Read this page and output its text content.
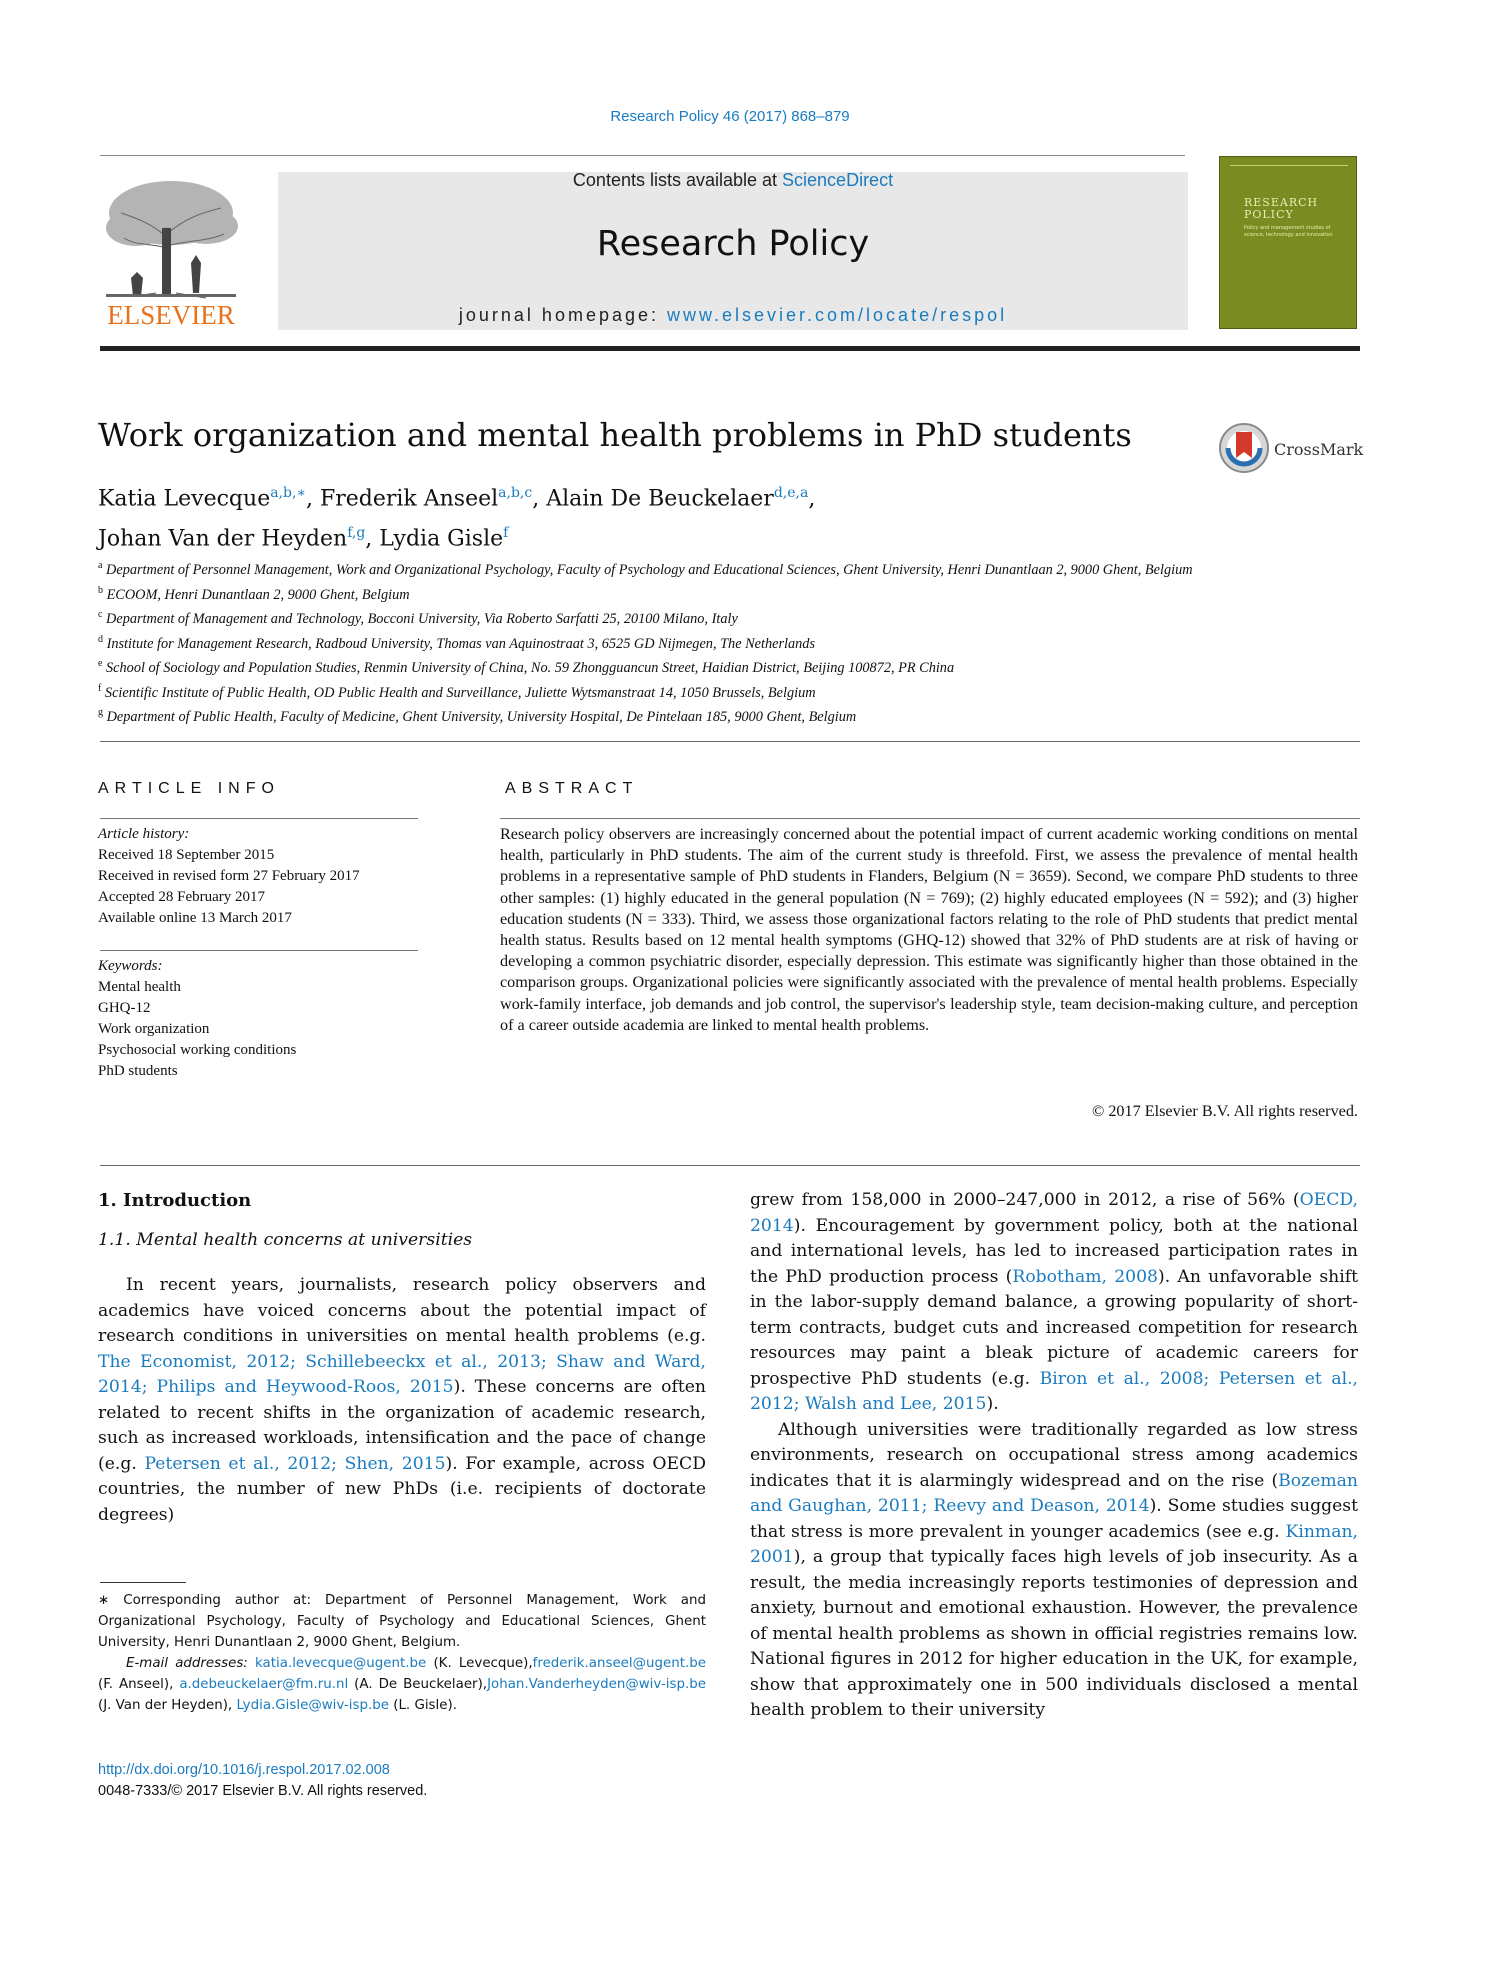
Research Policy 46 (2017) 868–879
ELSEVIER
Contents lists available at ScienceDirect
Research Policy
journal homepage: www.elsevier.com/locate/respol
RESEARCH
POLICY
Policy and management studies of science, technology and innovation
Work organization and mental health problems in PhD students	CrossMark
Katia Levecque$^{a,b,∗}$, Frederik Anseel$^{a,b,c}$, Alain De Beuckelaer$^{d,e,a}$,
Johan Van der Heyden$^{f,g}$, Lydia Gisle$^f$
$^a$ Department of Personnel Management, Work and Organizational Psychology, Faculty of Psychology and Educational Sciences, Ghent University, Henri Dunantlaan 2, 9000 Ghent, Belgium
$^b$ ECOOM, Henri Dunantlaan 2, 9000 Ghent, Belgium
$^c$ Department of Management and Technology, Bocconi University, Via Roberto Sarfatti 25, 20100 Milano, Italy
$^d$ Institute for Management Research, Radboud University, Thomas van Aquinostraat 3, 6525 GD Nijmegen, The Netherlands
$^e$ School of Sociology and Population Studies, Renmin University of China, No. 59 Zhongguancun Street, Haidian District, Beijing 100872, PR China
$^f$ Scientific Institute of Public Health, OD Public Health and Surveillance, Juliette Wytsmanstraat 14, 1050 Brussels, Belgium
$^g$ Department of Public Health, Faculty of Medicine, Ghent University, University Hospital, De Pintelaan 185, 9000 Ghent, Belgium
ARTICLE INFO
Article history:
Received 18 September 2015
Received in revised form 27 February 2017
Accepted 28 February 2017
Available online 13 March 2017
Keywords:
Mental health
GHQ-12
Work organization
Psychosocial working conditions
PhD students
ABSTRACT
Research policy observers are increasingly concerned about the potential impact of current academic working conditions on mental health, particularly in PhD students. The aim of the current study is threefold. First, we assess the prevalence of mental health problems in a representative sample of PhD students in Flanders, Belgium (N = 3659). Second, we compare PhD students to three other samples: (1) highly educated in the general population (N = 769); (2) highly educated employees (N = 592); and (3) higher education students (N = 333). Third, we assess those organizational factors relating to the role of PhD students that predict mental health status. Results based on 12 mental health symptoms (GHQ-12) showed that 32% of PhD students are at risk of having or developing a common psychiatric disorder, especially depression. This estimate was significantly higher than those obtained in the comparison groups. Organizational policies were significantly associated with the prevalence of mental health problems. Especially work-family interface, job demands and job control, the supervisor's leadership style, team decision-making culture, and perception of a career outside academia are linked to mental health problems.
© 2017 Elsevier B.V. All rights reserved.
1. Introduction
1.1. Mental health concerns at universities

In recent years, journalists, research policy observers and academics have voiced concerns about the potential impact of research conditions in universities on mental health problems (e.g. The Economist, 2012; Schillebeeckx et al., 2013; Shaw and Ward, 2014; Philips and Heywood-Roos, 2015). These concerns are often related to recent shifts in the organization of academic research, such as increased workloads, intensification and the pace of change (e.g. Petersen et al., 2012; Shen, 2015). For example, across OECD countries, the number of new PhDs (i.e. recipients of doctorate degrees)

grew from 158,000 in 2000–247,000 in 2012, a rise of 56% (OECD, 2014). Encouragement by government policy, both at the national and international levels, has led to increased participation rates in the PhD production process (Robotham, 2008). An unfavorable shift in the labor-supply demand balance, a growing popularity of short-term contracts, budget cuts and increased competition for research resources may paint a bleak picture of academic careers for prospective PhD students (e.g. Biron et al., 2008; Petersen et al., 2012; Walsh and Lee, 2015).

Although universities were traditionally regarded as low stress environments, research on occupational stress among academics indicates that it is alarmingly widespread and on the rise (Bozeman and Gaughan, 2011; Reevy and Deason, 2014). Some studies suggest that stress is more prevalent in younger academics (see e.g. Kinman, 2001), a group that typically faces high levels of job insecurity. As a result, the media increasingly reports testimonies of depression and anxiety, burnout and emotional exhaustion. However, the prevalence of mental health problems as shown in official registries remains low. National figures in 2012 for higher education in the UK, for example, show that approximately one in 500 individuals disclosed a mental health problem to their university

∗ Corresponding author at: Department of Personnel Management, Work and Organizational Psychology, Faculty of Psychology and Educational Sciences, Ghent University, Henri Dunantlaan 2, 9000 Ghent, Belgium.
E-mail addresses: katia.levecque@ugent.be (K. Levecque),frederik.anseel@ugent.be (F. Anseel), a.debeuckelaer@fm.ru.nl (A. De Beuckelaer),Johan.Vanderheyden@wiv-isp.be (J. Van der Heyden), Lydia.Gisle@wiv-isp.be (L. Gisle).
http://dx.doi.org/10.1016/j.respol.2017.02.008
0048-7333/© 2017 Elsevier B.V. All rights reserved.
